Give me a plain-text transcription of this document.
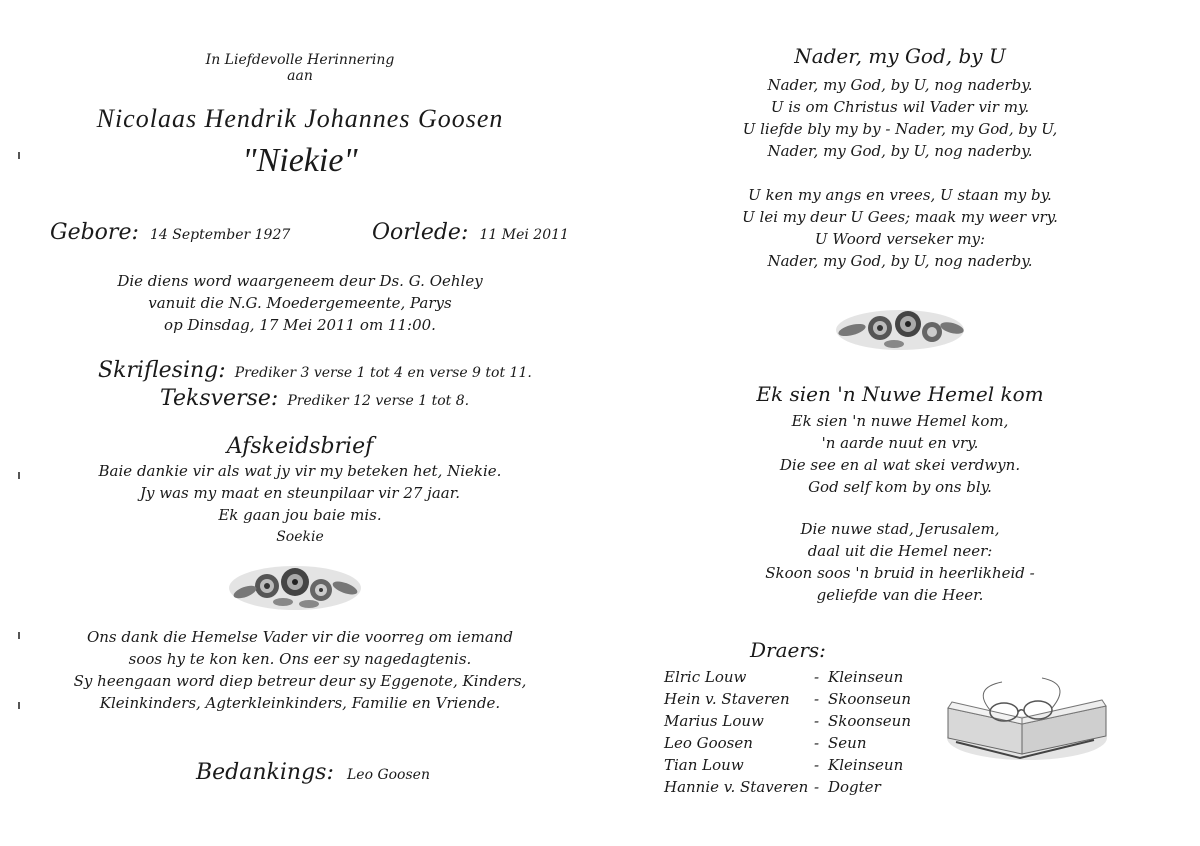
In Liefdevolle Herinnering
aan
Nicolaas Hendrik Johannes Goosen
"Niekie"
Gebore: 14 September 1927	Oorlede: 11 Mei 2011
Die diens word waargeneem deur Ds. G. Oehley
vanuit die N.G. Moedergemeente, Parys
op Dinsdag, 17 Mei 2011 om 11:00.
Skriflesing: Prediker 3 verse 1 tot 4 en verse 9 tot 11.
Teksverse: Prediker 12 verse 1 tot 8.
Afskeidsbrief
Baie dankie vir als wat jy vir my beteken het, Niekie.
Jy was my maat en steunpilaar vir 27 jaar.
Ek gaan jou baie mis.
Soekie
Ons dank die Hemelse Vader vir die voorreg om iemand
soos hy te kon ken. Ons eer sy nagedagtenis.
Sy heengaan word diep betreur deur sy Eggenote, Kinders,
Kleinkinders, Agterkleinkinders, Familie en Vriende.
Bedankings: Leo Goosen
Nader, my God, by U
Nader, my God, by U, nog naderby.
U is om Christus wil Vader vir my.
U liefde bly my by - Nader, my God, by U,
Nader, my God, by U, nog naderby.
U ken my angs en vrees, U staan my by.
U lei my deur U Gees; maak my weer vry.
U Woord verseker my:
Nader, my God, by U, nog naderby.
Ek sien 'n Nuwe Hemel kom
Ek sien 'n nuwe Hemel kom,
'n aarde nuut en vry.
Die see en al wat skei verdwyn.
God self kom by ons bly.
Die nuwe stad, Jerusalem,
daal uit die Hemel neer:
Skoon soos 'n bruid in heerlikheid -
geliefde van die Heer.
Draers:
Elric Louw	- Kleinseun
Hein v. Staveren - Skoonseun
Marius Louw	- Skoonseun
Leo Goosen	- Seun
Tian Louw	- Kleinseun
Hannie v. Staveren - Dogter
